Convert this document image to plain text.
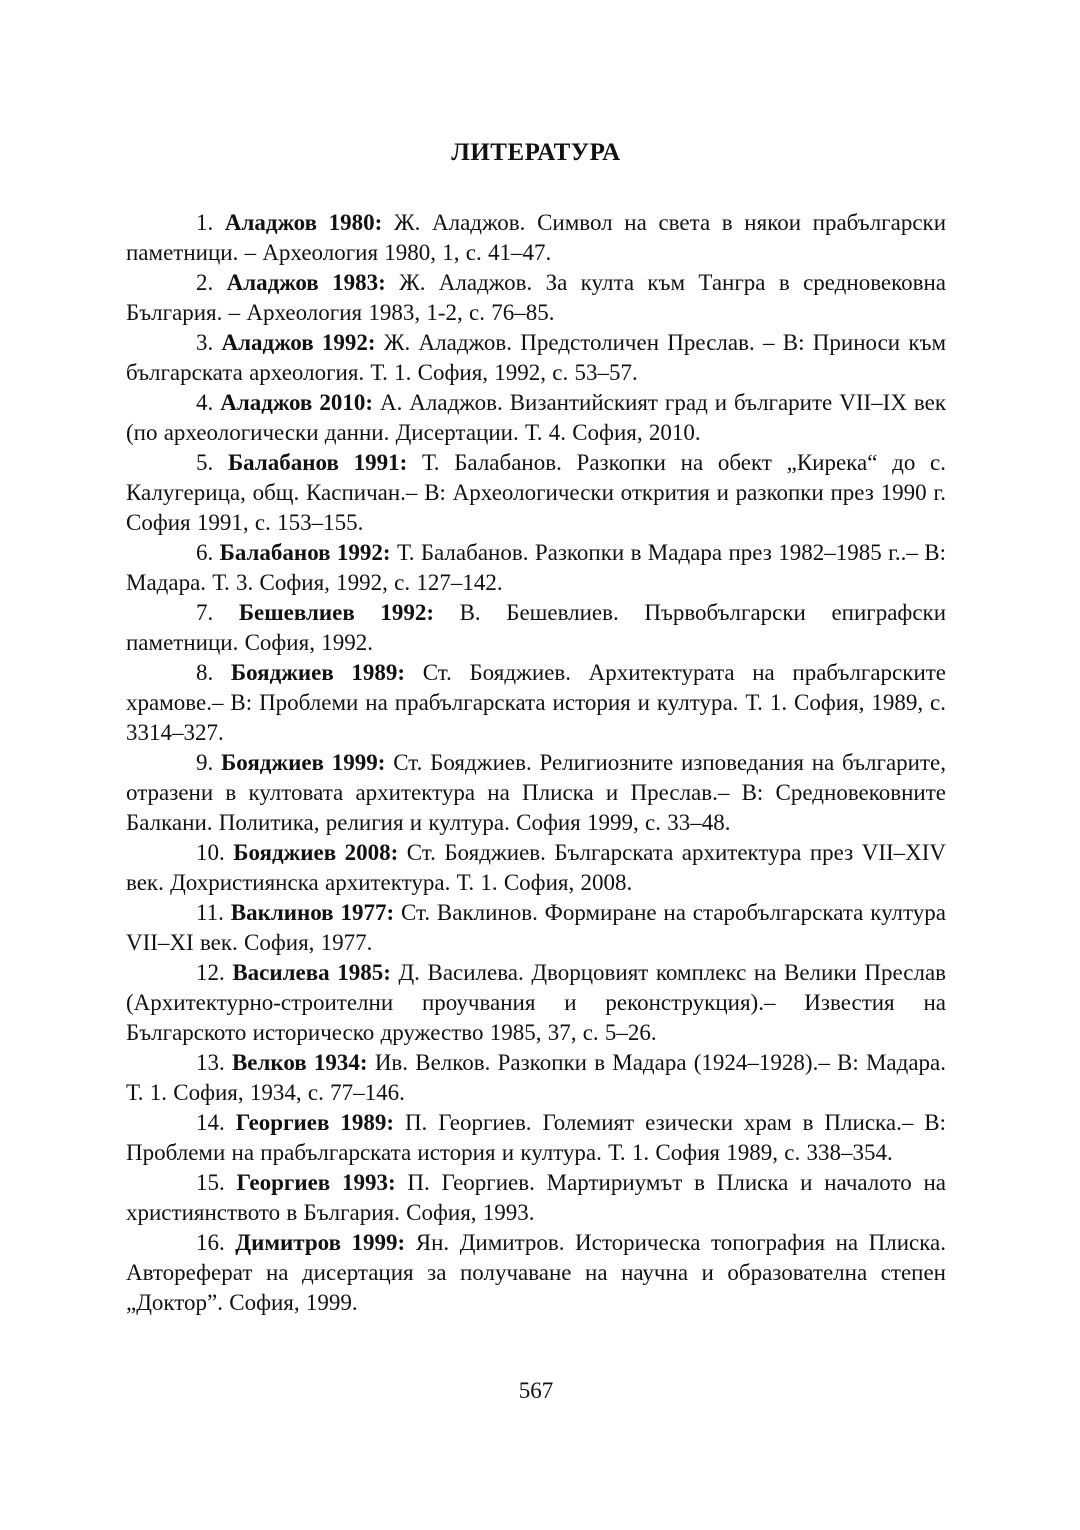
ЛИТЕРАТУРА

1. Аладжов 1980: Ж. Аладжов. Символ на света в някои прабългарски паметници. – Археология 1980, 1, с. 41–47.

2. Аладжов 1983: Ж. Аладжов. За култа към Тангра в средновековна България. – Археология 1983, 1-2, с. 76–85.

3. Аладжов 1992: Ж. Аладжов. Предстоличен Преслав. – В: Приноси към българската археология. Т. 1. София, 1992, с. 53–57.

4. Аладжов 2010: А. Аладжов. Византийският град и българите VII–IX век (по археологически данни. Дисертации. Т. 4. София, 2010.

5. Балабанов 1991: Т. Балабанов. Разкопки на обект „Кирека“ до с. Калугерица, общ. Каспичан.– В: Археологически открития и разкопки през 1990 г. София 1991, с. 153–155.

6. Балабанов 1992: Т. Балабанов. Разкопки в Мадара през 1982–1985 г..– В: Мадара. Т. 3. София, 1992, с. 127–142.

7. Бешевлиев 1992: В. Бешевлиев. Първобългарски епиграфски паметници. София, 1992.

8. Бояджиев 1989: Ст. Бояджиев. Архитектурата на прабългарските храмове.– В: Проблеми на прабългарската история и култура. Т. 1. София, 1989, с. 3314–327.

9. Бояджиев 1999: Ст. Бояджиев. Религиозните изповедания на българите, отразени в култовата архитектура на Плиска и Преслав.– В: Средновековните Балкани. Политика, религия и култура. София 1999, с. 33–48.

10. Бояджиев 2008: Ст. Бояджиев. Българската архитектура през VII–XIV век. Дохристиянска архитектура. Т. 1. София, 2008.

11. Ваклинов 1977: Ст. Ваклинов. Формиране на старобългарската култура VII–XI век. София, 1977.

12. Василева 1985: Д. Василева. Дворцовият комплекс на Велики Преслав (Архитектурно-строителни проучвания и реконструкция).– Известия на Българското историческо дружество 1985, 37, с. 5–26.

13. Велков 1934: Ив. Велков. Разкопки в Мадара (1924–1928).– В: Мадара. Т. 1. София, 1934, с. 77–146.

14. Георгиев 1989: П. Георгиев. Големият езически храм в Плиска.– В: Проблеми на прабългарската история и култура. Т. 1. София 1989, с. 338–354.

15. Георгиев 1993: П. Георгиев. Мартириумът в Плиска и началото на християнството в България. София, 1993.

16. Димитров 1999: Ян. Димитров. Историческа топография на Плиска. Автореферат на дисертация за получаване на научна и образователна степен „Доктор”. София, 1999.

567
